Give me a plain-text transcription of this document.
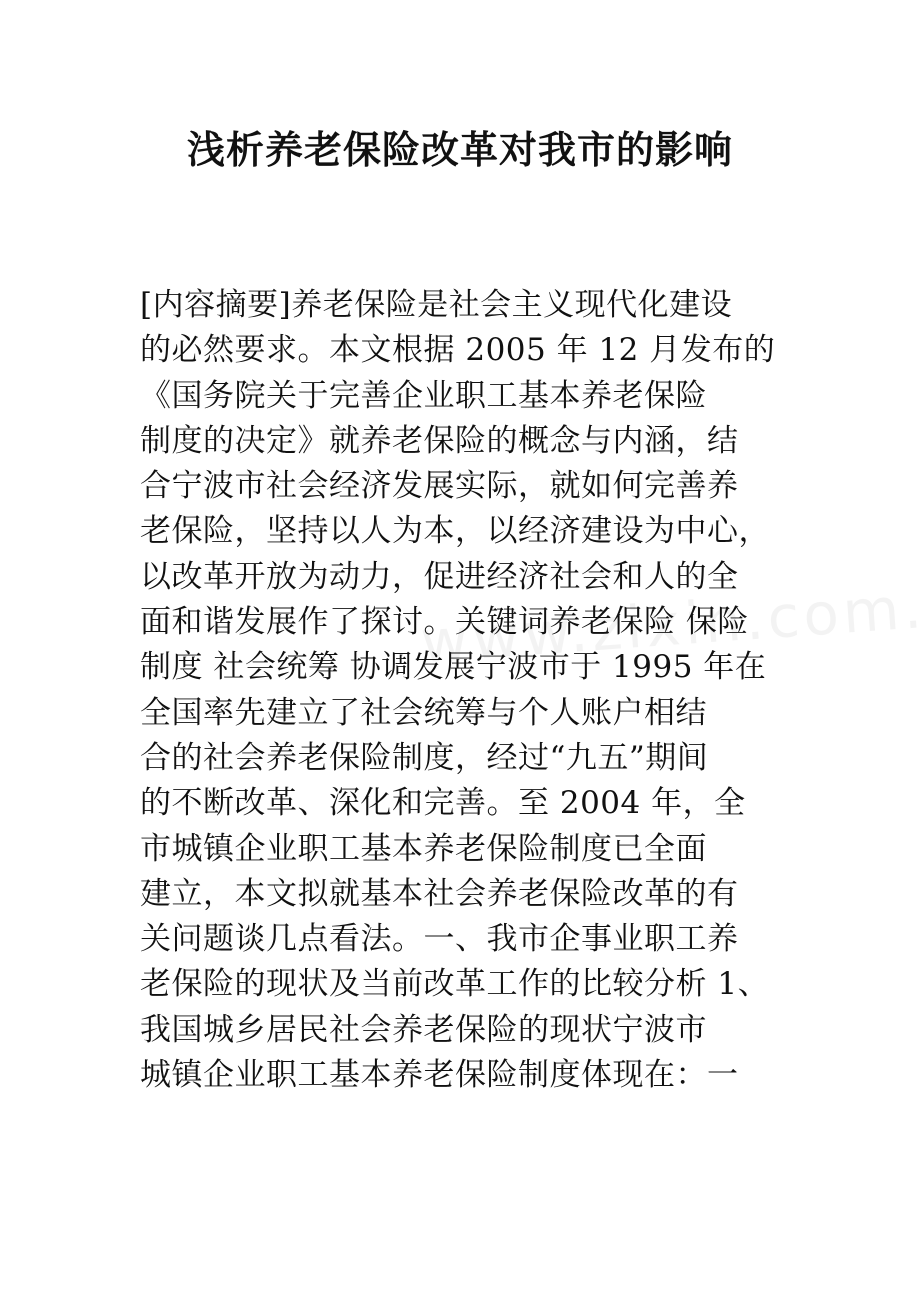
浅析养老保险改革对我市的影响
[内容摘要]养老保险是社会主义现代化建设
的必然要求。本文根据 2005 年 12 月发布的
《国务院关于完善企业职工基本养老保险
制度的决定》就养老保险的概念与内涵，结
合宁波市社会经济发展实际，就如何完善养
老保险，坚持以人为本，以经济建设为中心，
以改革开放为动力，促进经济社会和人的全
面和谐发展作了探讨。关键词养老保险 保险
制度 社会统筹 协调发展宁波市于 1995 年在
全国率先建立了社会统筹与个人账户相结
合的社会养老保险制度，经过“九五”期间
的不断改革、深化和完善。至 2004 年，全
市城镇企业职工基本养老保险制度已全面
建立，本文拟就基本社会养老保险改革的有
关问题谈几点看法。一、我市企事业职工养
老保险的现状及当前改革工作的比较分析 1、
我国城乡居民社会养老保险的现状宁波市
城镇企业职工基本养老保险制度体现在：一
